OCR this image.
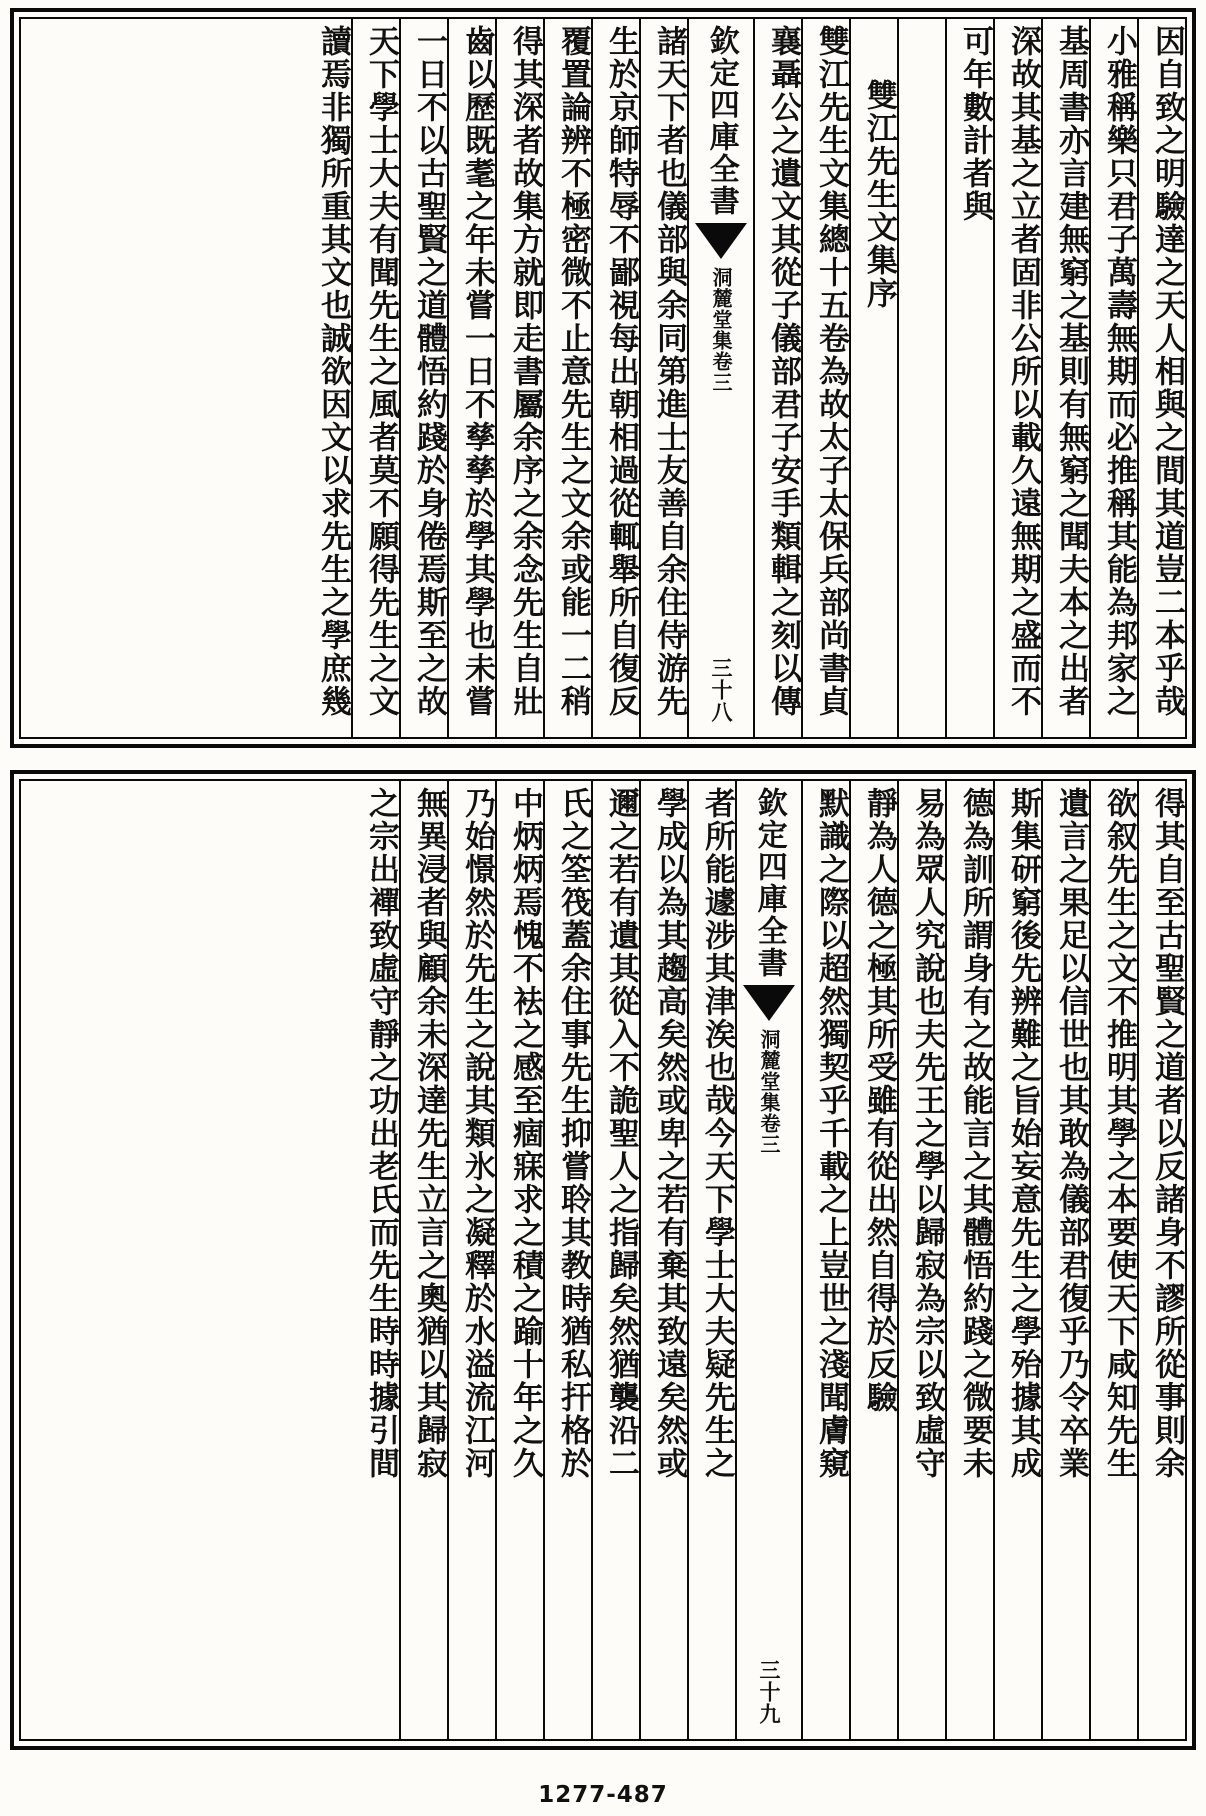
因自致之明驗達之天人相與之間其道豈二本乎哉
小雅稱樂只君子萬壽無期而必推稱其能為邦家之
基周書亦言建無窮之基則有無窮之聞夫本之出者
深故其基之立者固非公所以載久遠無期之盛而不
可年數計者與
雙江先生文集序
雙江先生文集總十五卷為故太子太保兵部尚書貞
襄聶公之遺文其從子儀部君子安手類輯之刻以傳
欽定四庫全書
洞麓堂集
卷三
三十八
諸天下者也儀部與余同第進士友善自余住侍游先
生於京師特辱不鄙視每出朝相過從輒舉所自復反
覆置論辨不極密微不止意先生之文余或能一二稍
得其深者故集方就即走書屬余序之余念先生自壯
齒以歷既耄之年未嘗一日不孳孳於學其學也未嘗
一日不以古聖賢之道體悟約踐於身倦焉斯至之故
天下學士大夫有聞先生之風者莫不願得先生之文
讀焉非獨所重其文也誠欲因文以求先生之學庶幾
得其自至古聖賢之道者以反諸身不謬所從事則余
欲叙先生之文不推明其學之本要使天下咸知先生
遺言之果足以信世也其敢為儀部君復乎乃令卒業
斯集研窮後先辨難之旨始妄意先生之學殆據其成
德為訓所謂身有之故能言之其體悟約踐之微要未
易為眾人究說也夫先王之學以歸寂為宗以致虛守
靜為人德之極其所受雖有從出然自得於反驗
默識之際以超然獨契乎千載之上豈世之淺聞膚窺
欽定四庫全書
洞麓堂集
卷三
三十九
者所能遽涉其津涘也哉今天下學士大夫疑先生之
學成以為其趨高矣然或卑之若有棄其致遠矣然或
邇之若有遺其從入不詭聖人之指歸矣然猶襲沿二
氏之筌筏蓋余住事先生抑嘗聆其教時猶私扞格於
中炳炳焉愧不袪之感至痼寐求之積之踰十年之久
乃始憬然於先生之說其類氷之凝釋於水溢流江河
無異浸者與顧余未深達先生立言之奧猶以其歸寂
之宗出襌致虛守靜之功出老氏而先生時時據引間
1277-487
